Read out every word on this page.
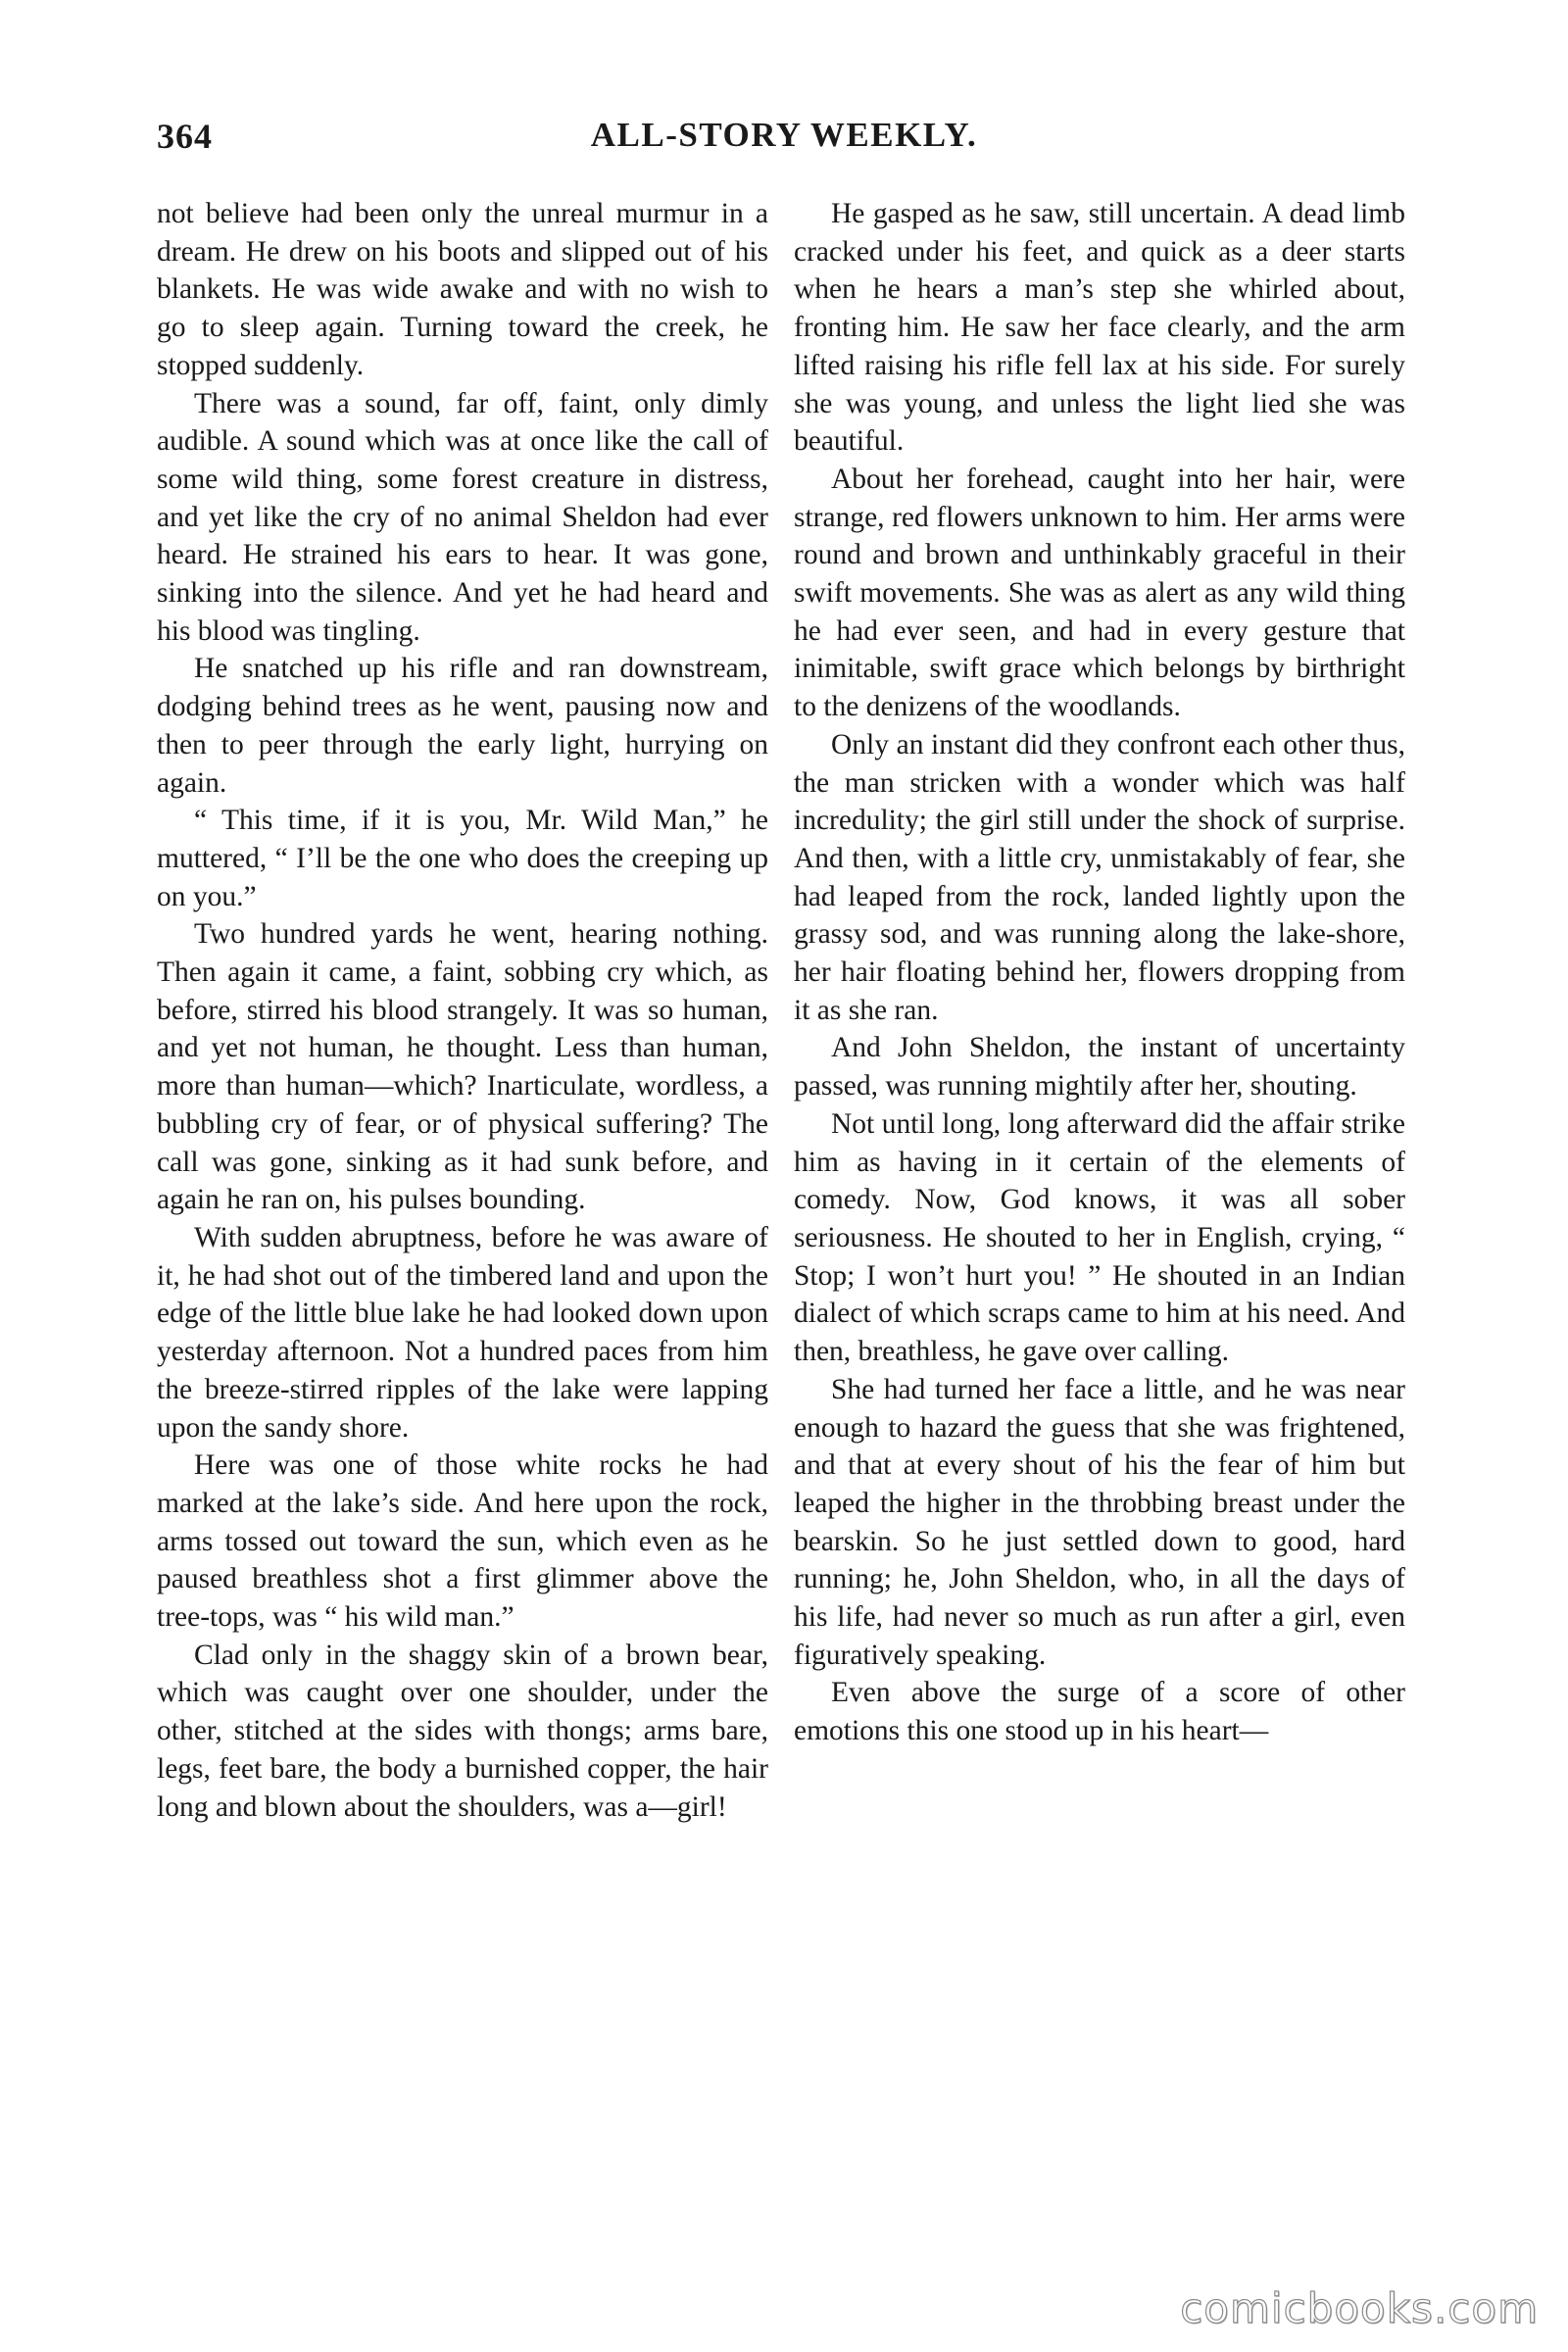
364	ALL-STORY WEEKLY.

not believe had been only the unreal murmur in a dream. He drew on his boots and slipped out of his blankets. He was wide awake and with no wish to go to sleep again. Turning toward the creek, he stopped suddenly.

There was a sound, far off, faint, only dimly audible. A sound which was at once like the call of some wild thing, some forest creature in distress, and yet like the cry of no animal Sheldon had ever heard. He strained his ears to hear. It was gone, sinking into the silence. And yet he had heard and his blood was tingling.

He snatched up his rifle and ran downstream, dodging behind trees as he went, pausing now and then to peer through the early light, hurrying on again.

“ This time, if it is you, Mr. Wild Man,” he muttered, “ I’ll be the one who does the creeping up on you.”

Two hundred yards he went, hearing nothing. Then again it came, a faint, sobbing cry which, as before, stirred his blood strangely. It was so human, and yet not human, he thought. Less than human, more than human—which? Inarticulate, wordless, a bubbling cry of fear, or of physical suffering? The call was gone, sinking as it had sunk before, and again he ran on, his pulses bounding.

With sudden abruptness, before he was aware of it, he had shot out of the timbered land and upon the edge of the little blue lake he had looked down upon yesterday afternoon. Not a hundred paces from him the breeze-stirred ripples of the lake were lapping upon the sandy shore.

Here was one of those white rocks he had marked at the lake’s side. And here upon the rock, arms tossed out toward the sun, which even as he paused breathless shot a first glimmer above the tree-tops, was “ his wild man.”

Clad only in the shaggy skin of a brown bear, which was caught over one shoulder, under the other, stitched at the sides with thongs; arms bare, legs, feet bare, the body a burnished copper, the hair long and blown about the shoulders, was a—girl!

He gasped as he saw, still uncertain. A dead limb cracked under his feet, and quick as a deer starts when he hears a man’s step she whirled about, fronting him. He saw her face clearly, and the arm lifted raising his rifle fell lax at his side. For surely she was young, and unless the light lied she was beautiful.

About her forehead, caught into her hair, were strange, red flowers unknown to him. Her arms were round and brown and unthinkably graceful in their swift movements. She was as alert as any wild thing he had ever seen, and had in every gesture that inimitable, swift grace which belongs by birthright to the denizens of the woodlands.

Only an instant did they confront each other thus, the man stricken with a wonder which was half incredulity; the girl still under the shock of surprise. And then, with a little cry, unmistakably of fear, she had leaped from the rock, landed lightly upon the grassy sod, and was running along the lake-shore, her hair floating behind her, flowers dropping from it as she ran.

And John Sheldon, the instant of uncertainty passed, was running mightily after her, shouting.

Not until long, long afterward did the affair strike him as having in it certain of the elements of comedy. Now, God knows, it was all sober seriousness. He shouted to her in English, crying, “ Stop; I won’t hurt you! ” He shouted in an Indian dialect of which scraps came to him at his need. And then, breathless, he gave over calling.

She had turned her face a little, and he was near enough to hazard the guess that she was frightened, and that at every shout of his the fear of him but leaped the higher in the throbbing breast under the bearskin. So he just settled down to good, hard running; he, John Sheldon, who, in all the days of his life, had never so much as run after a girl, even figuratively speaking.

Even above the surge of a score of other emotions this one stood up in his heart—

comicbooks.com
